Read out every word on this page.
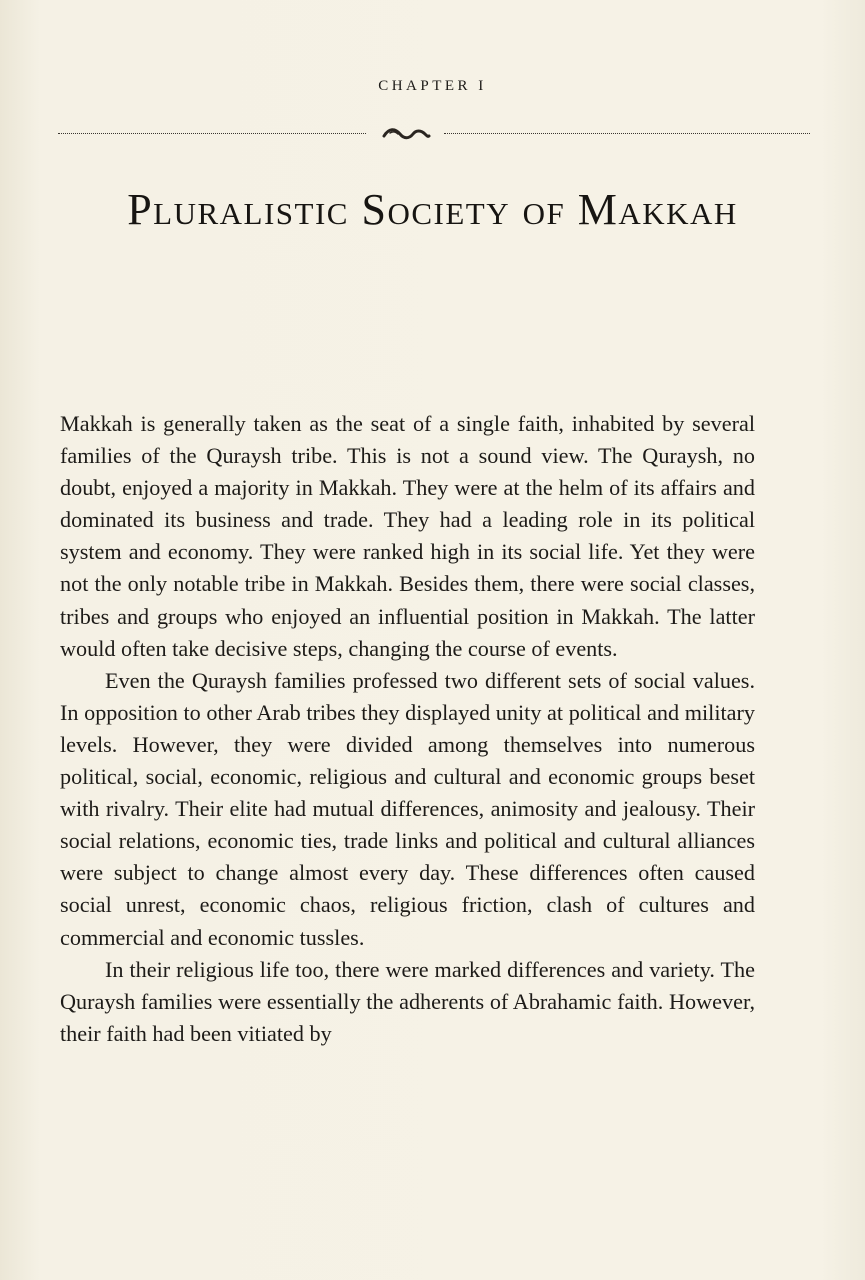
CHAPTER I
Pluralistic Society of Makkah

Makkah is generally taken as the seat of a single faith, inhabited by several families of the Quraysh tribe. This is not a sound view. The Quraysh, no doubt, enjoyed a majority in Makkah. They were at the helm of its affairs and dominated its business and trade. They had a leading role in its political system and economy. They were ranked high in its social life. Yet they were not the only notable tribe in Makkah. Besides them, there were social classes, tribes and groups who enjoyed an influential position in Makkah. The latter would often take decisive steps, changing the course of events.

Even the Quraysh families professed two different sets of social values. In opposition to other Arab tribes they displayed unity at political and military levels. However, they were divided among themselves into numerous political, social, economic, religious and cultural and economic groups beset with rivalry. Their elite had mutual differences, animosity and jealousy. Their social relations, economic ties, trade links and political and cultural alliances were subject to change almost every day. These differences often caused social unrest, economic chaos, religious friction, clash of cultures and commercial and economic tussles.

In their religious life too, there were marked differences and variety. The Quraysh families were essentially the adherents of Abrahamic faith. However, their faith had been vitiated by
